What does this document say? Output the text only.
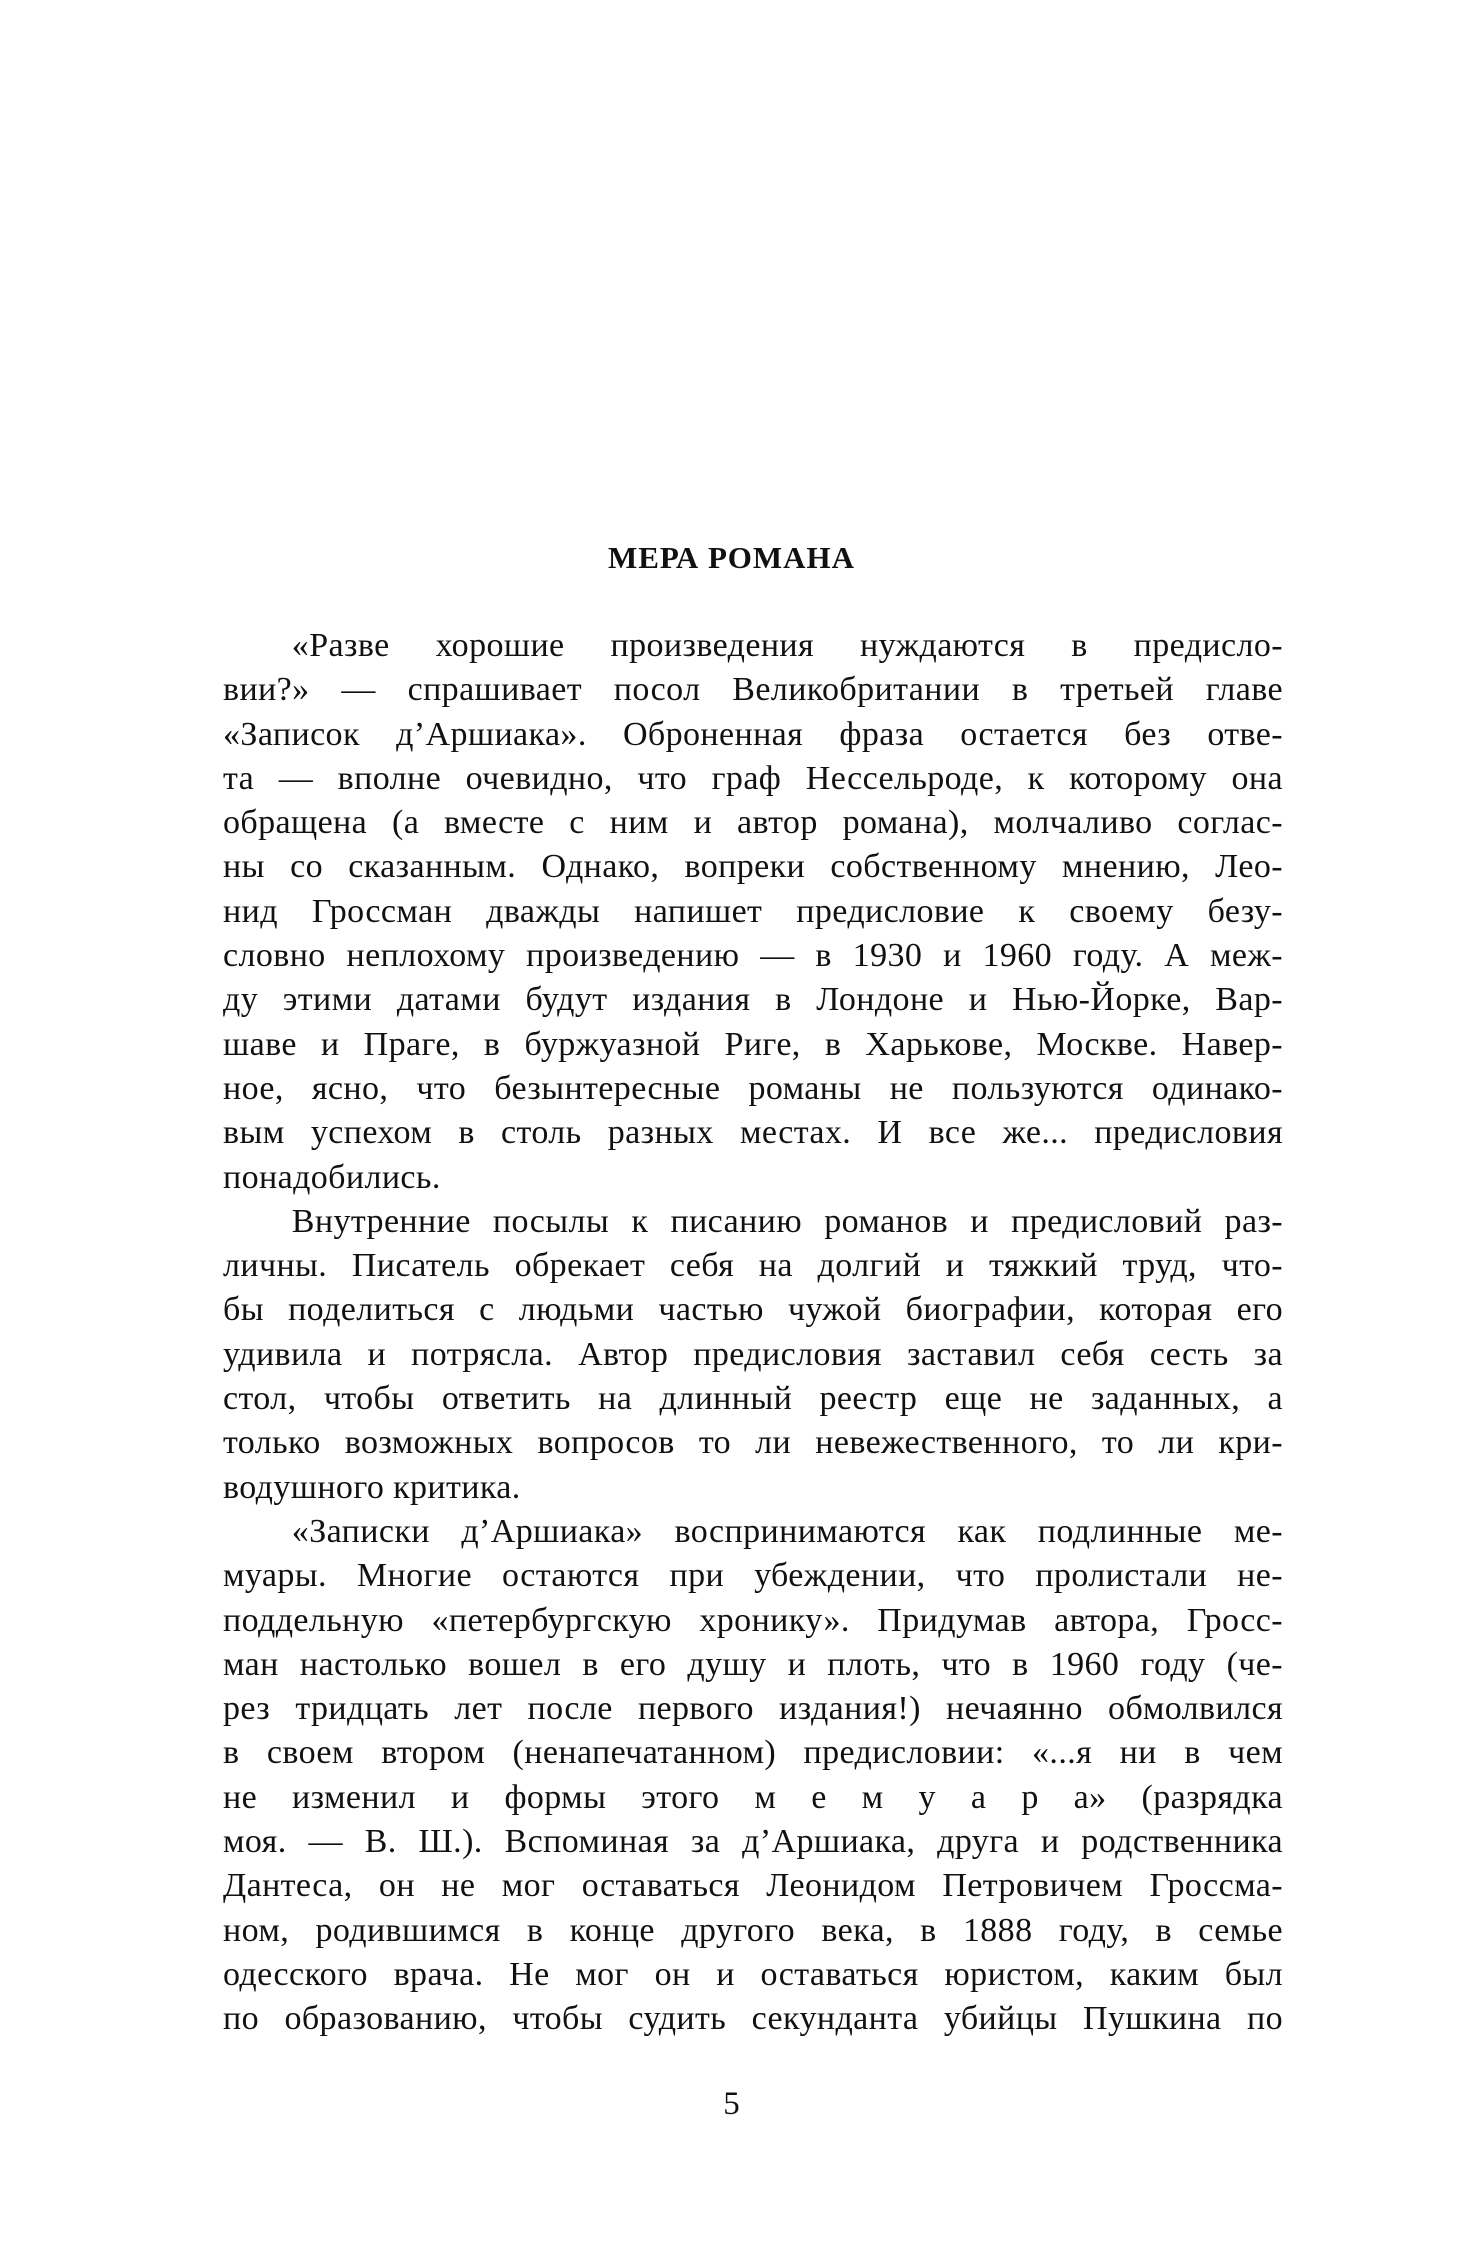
МЕРА РОМАНА
  «Разве хорошие произведения нуждаются в предисло-
вии?» — спрашивает посол Великобритании в третьей главе
«Записок д’Аршиака». Оброненная фраза остается без отве-
та — вполне очевидно, что граф Нессельроде, к которому она
обращена (а вместе с ним и автор романа), молчаливо соглас-
ны со сказанным. Однако, вопреки собственному мнению, Лео-
нид Гроссман дважды напишет предисловие к своему безу-
словно неплохому произведению — в 1930 и 1960 году. А меж-
ду этими датами будут издания в Лондоне и Нью-Йорке, Вар-
шаве и Праге, в буржуазной Риге, в Харькове, Москве. Навер-
ное, ясно, что безынтересные романы не пользуются одинако-
вым успехом в столь разных местах. И все же... предисловия
понадобились.
  Внутренние посылы к писанию романов и предисловий раз-
личны. Писатель обрекает себя на долгий и тяжкий труд, что-
бы поделиться с людьми частью чужой биографии, которая его
удивила и потрясла. Автор предисловия заставил себя сесть за
стол, чтобы ответить на длинный реестр еще не заданных, а
только возможных вопросов то ли невежественного, то ли кри-
водушного критика.
  «Записки д’Аршиака» воспринимаются как подлинные ме-
муары. Многие остаются при убеждении, что пролистали не-
поддельную «петербургскую хронику». Придумав автора, Гросс-
ман настолько вошел в его душу и плоть, что в 1960 году (че-
рез тридцать лет после первого издания!) нечаянно обмолвился
в своем втором (ненапечатанном) предисловии: «...я ни в чем
не изменил и формы этого м е м у а р а» (разрядка
моя. — В. Ш.). Вспоминая за д’Аршиака, друга и родственника
Дантеса, он не мог оставаться Леонидом Петровичем Гроссма-
ном, родившимся в конце другого века, в 1888 году, в семье
одесского врача. Не мог он и оставаться юристом, каким был
по образованию, чтобы судить секунданта убийцы Пушкина по
5
